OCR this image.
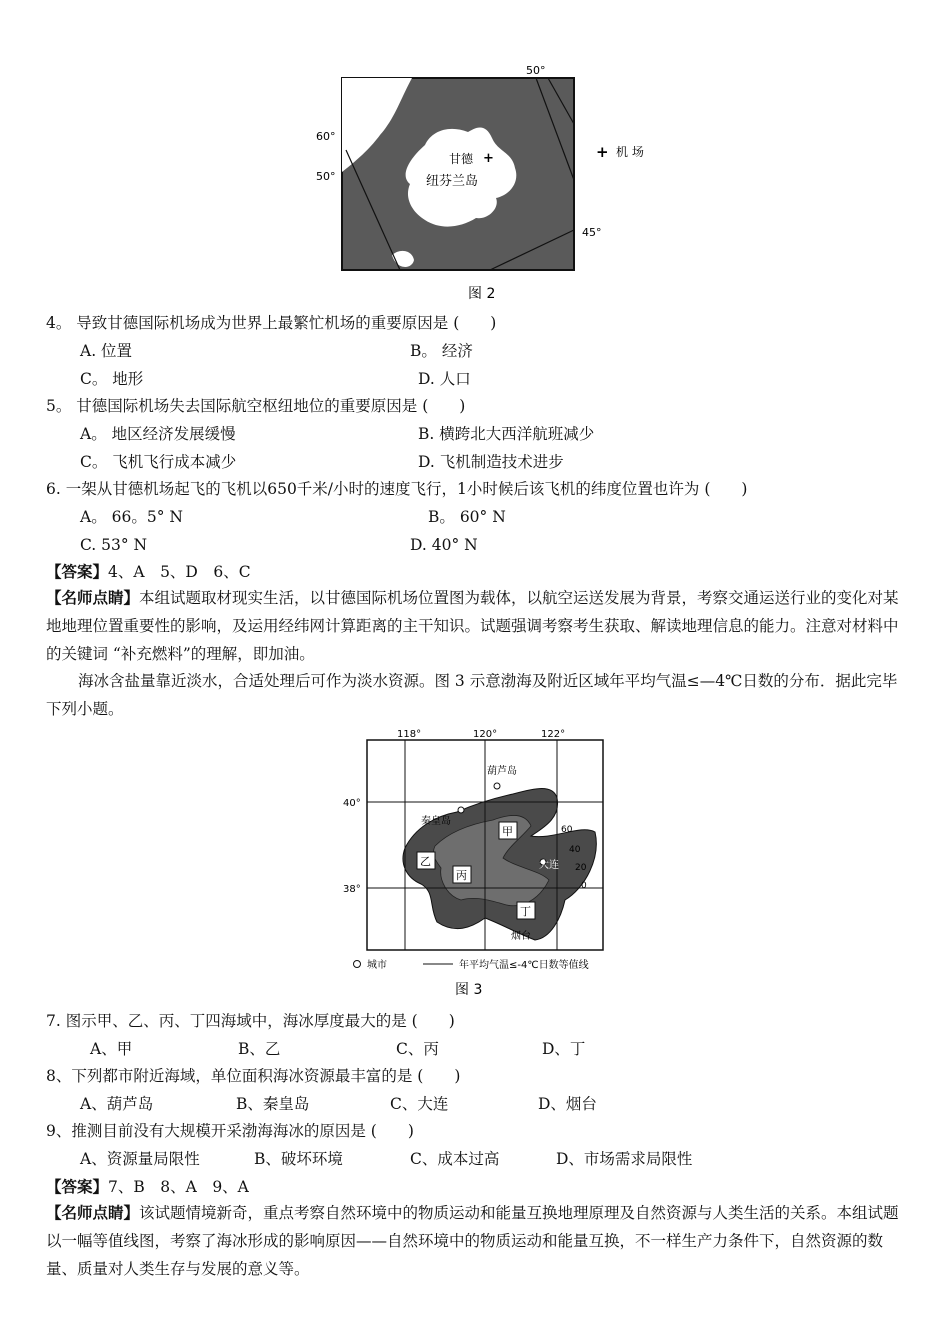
50°
60°
50°
45°
甘德 +
纽芬兰岛
+ 机 场
图 2
4。 导致甘德国际机场成为世界上最繁忙机场的重要原因是 (　　)
A. 位置	B。 经济
C。 地形	D. 人口
5。 甘德国际机场失去国际航空枢纽地位的重要原因是 (　　)
A。 地区经济发展缓慢	B. 横跨北大西洋航班减少
C。 飞机飞行成本减少	D. 飞机制造技术进步
6. 一架从甘德机场起飞的飞机以650千米/小时的速度飞行，1小时候后该飞机的纬度位置也许为 (　　)
A。 66。5° N	B。 60° N
C. 53° N	D. 40° N
【答案】4、A　5、D　6、C
【名师点睛】本组试题取材现实生活，以甘德国际机场位置图为载体，以航空运送发展为背景，考察交通运送行业的变化对某地地理位置重要性的影响，及运用经纬网计算距离的主干知识。试题强调考察考生获取、解读地理信息的能力。注意对材料中的关键词 “补充燃料”的理解，即加油。
海冰含盐量靠近淡水，合适处理后可作为淡水资源。图 3 示意渤海及附近区域年平均气温≤—4℃日数的分布．据此完毕下列小题。
118°	120°	122°
40°
38°
葫芦岛
秦皇岛
大连
烟台
甲
乙
丙
丁
60
40
20
0
城市	年平均气温≤-4℃日数等值线
图 3
7. 图示甲、乙、丙、丁四海域中，海冰厚度最大的是 (　　)
A、甲	B、乙	C、丙	D、丁
8、下列都市附近海域，单位面积海冰资源最丰富的是 (　　)
A、葫芦岛	B、秦皇岛	C、大连	D、烟台
9、推测目前没有大规模开采渤海海冰的原因是 (　　)
A、资源量局限性	B、破坏环境	C、成本过高	D、市场需求局限性
【答案】7、B　8、A　9、A
【名师点睛】该试题情境新奇，重点考察自然环境中的物质运动和能量互换地理原理及自然资源与人类生活的关系。本组试题以一幅等值线图，考察了海冰形成的影响原因——自然环境中的物质运动和能量互换，不一样生产力条件下，自然资源的数量、质量对人类生存与发展的意义等。
